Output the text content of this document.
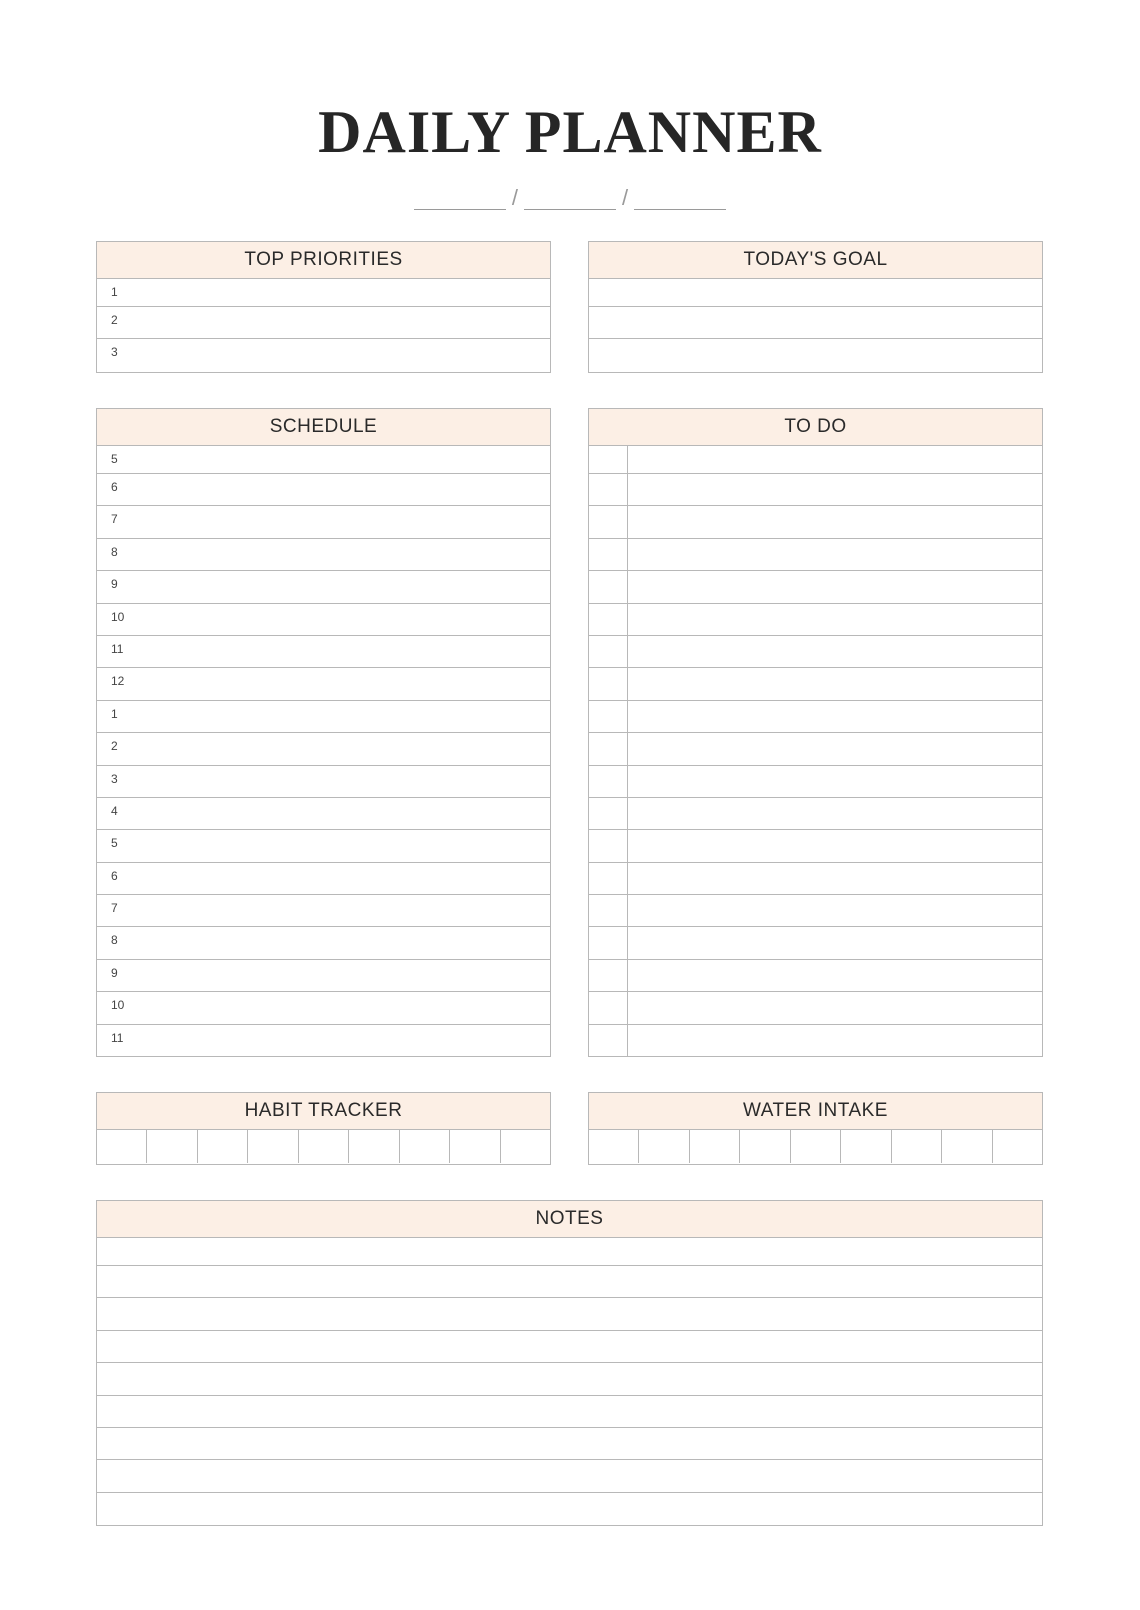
DAILY PLANNER
/	/
TOP PRIORITIES
1
2
3
TODAY'S GOAL
SCHEDULE
5
6
7
8
9
10
11
12
1
2
3
4
5
6
7
8
9
10
11
TO DO
HABIT TRACKER	WATER INTAKE
NOTES
